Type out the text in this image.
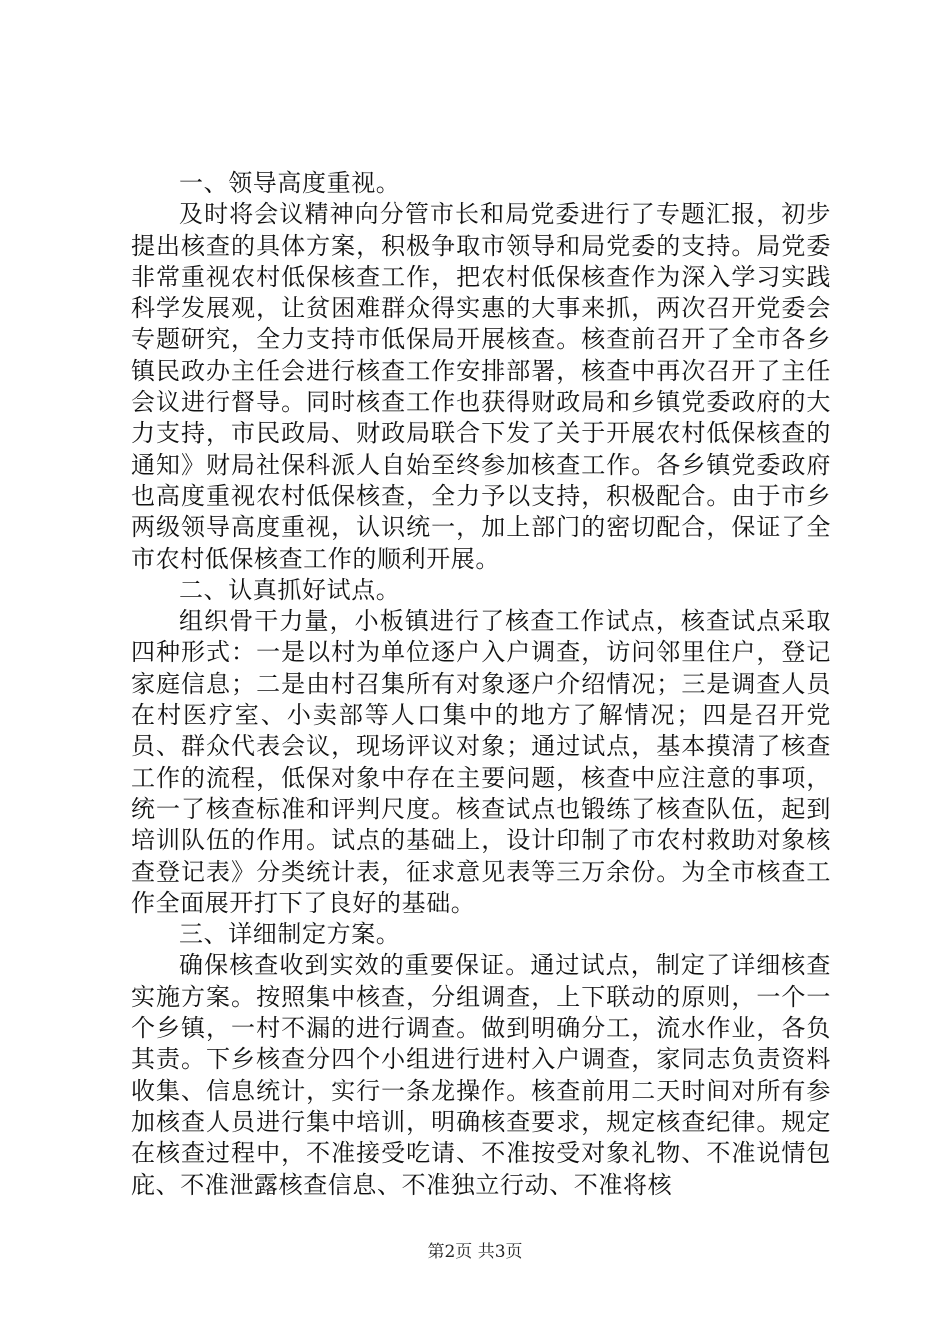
一、领导高度重视。

及时将会议精神向分管市长和局党委进行了专题汇报，初步提出核查的具体方案，积极争取市领导和局党委的支持。局党委非常重视农村低保核查工作，把农村低保核查作为深入学习实践科学发展观，让贫困难群众得实惠的大事来抓，两次召开党委会专题研究，全力支持市低保局开展核查。核查前召开了全市各乡镇民政办主任会进行核查工作安排部署，核查中再次召开了主任会议进行督导。同时核查工作也获得财政局和乡镇党委政府的大力支持，市民政局、财政局联合下发了关于开展农村低保核查的通知》财局社保科派人自始至终参加核查工作。各乡镇党委政府也高度重视农村低保核查，全力予以支持，积极配合。由于市乡两级领导高度重视，认识统一，加上部门的密切配合，保证了全市农村低保核查工作的顺利开展。

二、认真抓好试点。

组织骨干力量，小板镇进行了核查工作试点，核查试点采取四种形式：一是以村为单位逐户入户调查，访问邻里住户，登记家庭信息；二是由村召集所有对象逐户介绍情况；三是调查人员在村医疗室、小卖部等人口集中的地方了解情况；四是召开党员、群众代表会议，现场评议对象；通过试点，基本摸清了核查工作的流程，低保对象中存在主要问题，核查中应注意的事项，统一了核查标准和评判尺度。核查试点也锻练了核查队伍，起到培训队伍的作用。试点的基础上，设计印制了市农村救助对象核查登记表》分类统计表，征求意见表等三万余份。为全市核查工作全面展开打下了良好的基础。

三、详细制定方案。

确保核查收到实效的重要保证。通过试点，制定了详细核查实施方案。按照集中核查，分组调查，上下联动的原则，一个一个乡镇，一村不漏的进行调查。做到明确分工，流水作业，各负其责。下乡核查分四个小组进行进村入户调查，家同志负责资料收集、信息统计，实行一条龙操作。核查前用二天时间对所有参加核查人员进行集中培训，明确核查要求，规定核查纪律。规定在核查过程中，不准接受吃请、不准按受对象礼物、不准说情包庇、不准泄露核查信息、不准独立行动、不准将核

第2页 共3页
